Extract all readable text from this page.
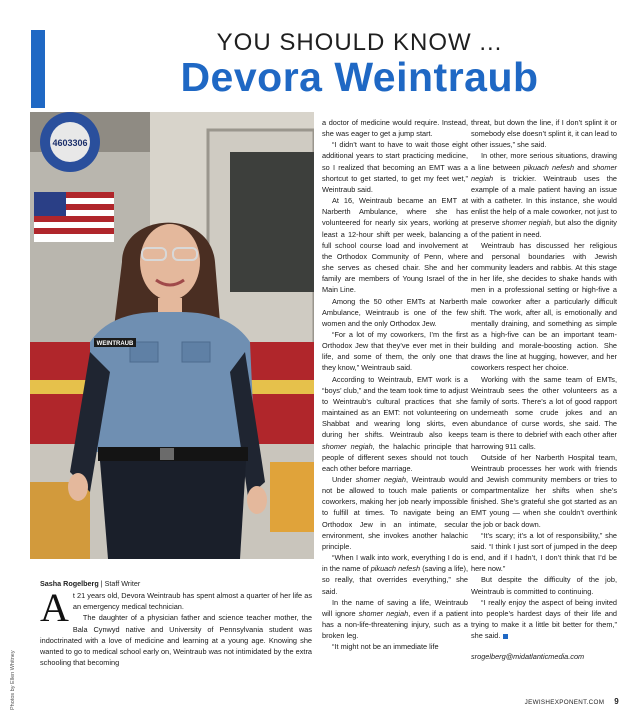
YOU SHOULD KNOW ...
Devora Weintraub
4603306
WEINTRAUB
Photos by Ellen Whitney
Sasha Rogelberg | Staff Writer
A t 21 years old, Devora Weintraub has spent almost a quarter of her life as an emergency medical technician.

The daughter of a physician father and science teacher mother, the Bala Cynwyd native and University of Pennsylvania student was indoctrinated with a love of medicine and learning at a young age. Knowing she wanted to go to medical school early on, Weintraub was not intimidated by the extra schooling that becoming

a doctor of medicine would require. Instead, she was eager to get a jump start.

“I didn’t want to have to wait those eight additional years to start practicing medicine, so I realized that becoming an EMT was a shortcut to get started, to get my feet wet,” Weintraub said.

At 16, Weintraub became an EMT at Narberth Ambulance, where she has volunteered for nearly six years, working at least a 12-hour shift per week, balancing a full school course load and involvement at the Orthodox Community of Penn, where she serves as chesed chair. She and her family are members of Young Israel of the Main Line.

Among the 50 other EMTs at Narberth Ambulance, Weintraub is one of the few women and the only Orthodox Jew.

“For a lot of my coworkers, I’m the first Orthodox Jew that they’ve ever met in their life, and some of them, the only one that they know,” Weintraub said.

According to Weintraub, EMT work is a “boys’ club,” and the team took time to adjust to Weintraub’s cultural practices that she maintained as an EMT: not volunteering on Shabbat and wearing long skirts, even during her shifts. Weintraub also keeps shomer negiah, the halachic principle that people of different sexes should not touch each other before marriage.

Under shomer negiah, Weintraub would not be allowed to touch male patients or coworkers, making her job nearly impossible to fulfill at times. To navigate being an Orthodox Jew in an intimate, secular environment, she invokes another halachic principle.

“When I walk into work, everything I do is in the name of pikuach nefesh (saving a life), so really, that overrides everything,” she said.

In the name of saving a life, Weintraub will ignore shomer negiah, even if a patient has a non-life-threatening injury, such as a broken leg.

“It might not be an immediate life

threat, but down the line, if I don’t splint it or somebody else doesn’t splint it, it can lead to other issues,” she said.

In other, more serious situations, drawing a line between pikuach nefesh and shomer negiah is trickier. Weintraub uses the example of a male patient having an issue with a catheter. In this instance, she would enlist the help of a male coworker, not just to preserve shomer negiah, but also the dignity of the patient in need.

Weintraub has discussed her religious and personal boundaries with Jewish community leaders and rabbis. At this stage in her life, she decides to shake hands with men in a professional setting or high-five a male coworker after a particularly difficult shift. The work, after all, is emotionally and mentally draining, and something as simple as a high-five can be an important team-building and morale-boosting action. She draws the line at hugging, however, and her coworkers respect her choice.

Working with the same team of EMTs, Weintraub sees the other volunteers as a family of sorts. There’s a lot of good rapport underneath some crude jokes and an abundance of curse words, she said. The team is there to debrief with each other after harrowing 911 calls.

Outside of her Narberth Hospital team, Weintraub processes her work with friends and Jewish community members or tries to compartmentalize her shifts when she’s finished. She’s grateful she got started as an EMT young — when she couldn’t overthink the job or back down.

“It’s scary; it’s a lot of responsibility,” she said. “I think I just sort of jumped in the deep end, and if I hadn’t, I don’t think that I’d be here now.”

But despite the difficulty of the job, Weintraub is committed to continuing.

“I really enjoy the aspect of being invited into people’s hardest days of their life and trying to make it a little bit better for them,” she said.

srogelberg@midatlanticmedia.com

JEWISHEXPONENT.COM 9
